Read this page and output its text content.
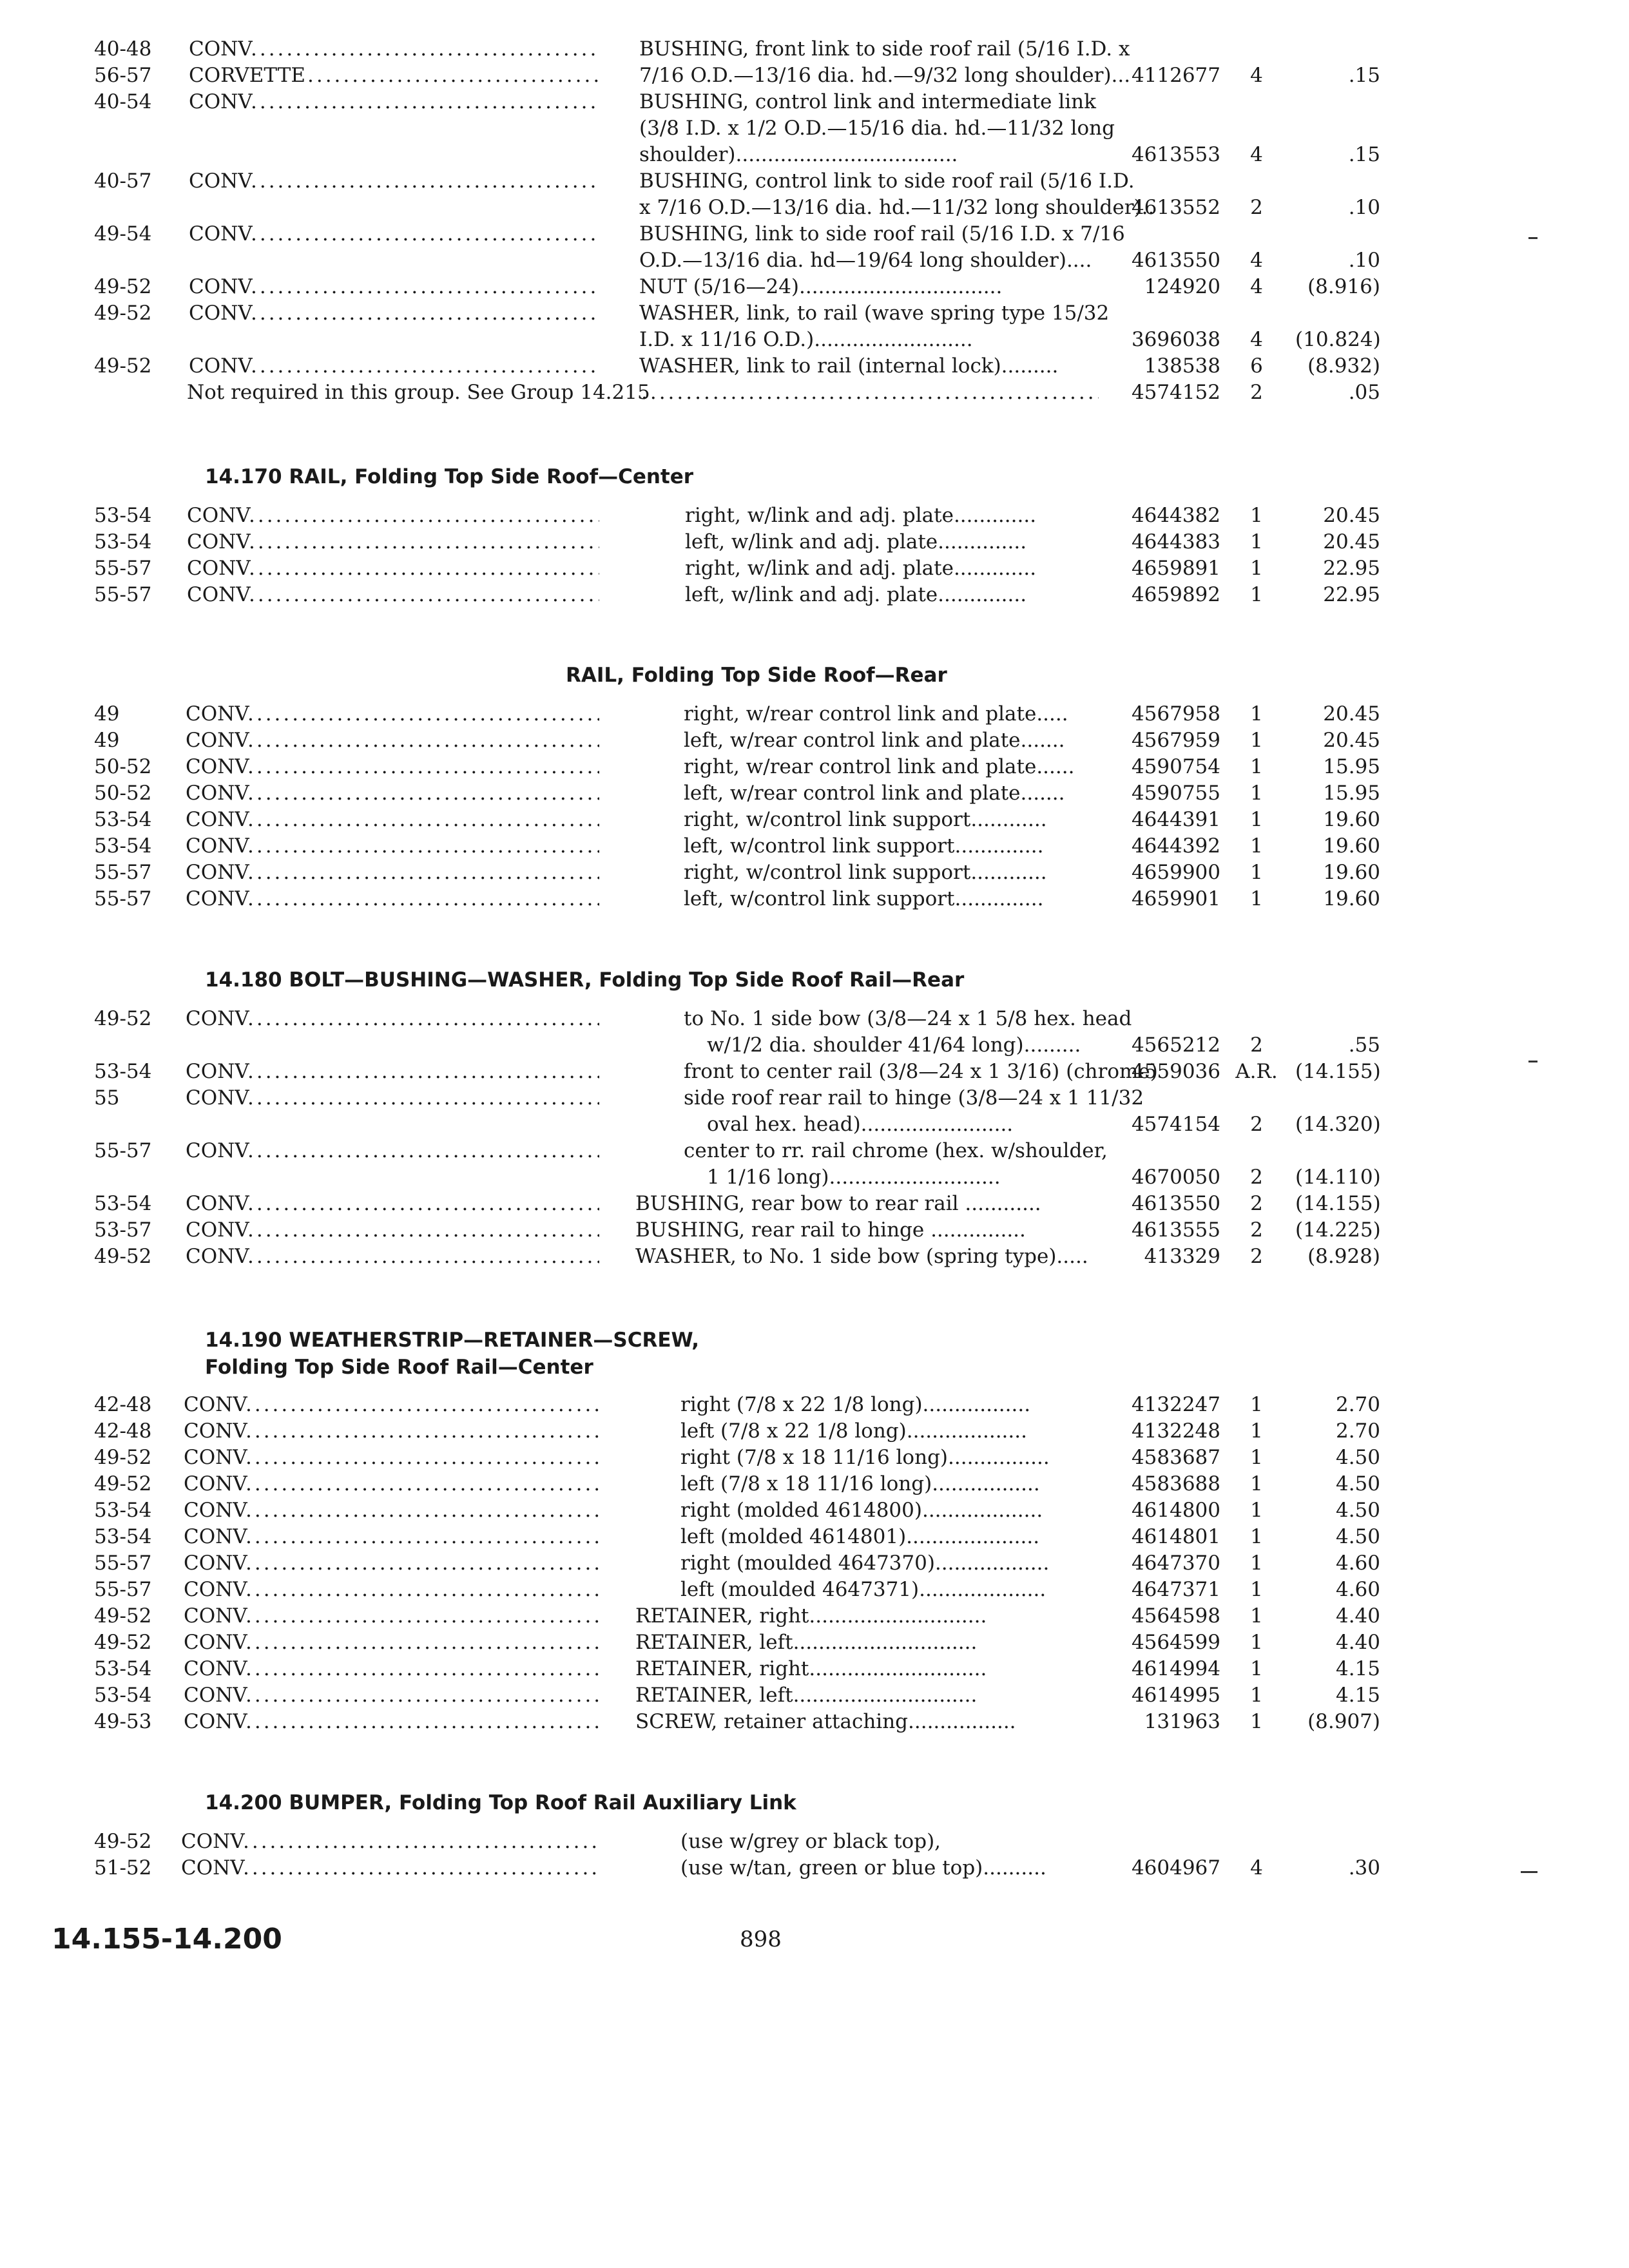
40-48 CONV .....	BUSHING, front link to side roof rail (5/16 I.D. x
56-57 CORVETTE .....	7/16 O.D.—13/16 dia. hd.—9/32 long shoulder)... 4112677	4	.15
40-54 CONV .....	BUSHING, control link and intermediate link
(3/8 I.D. x 1/2 O.D.—15/16 dia. hd.—11/32 long
shoulder)...................................	4613553	4	.15
40-57 CONV .....	BUSHING, control link to side roof rail (5/16 I.D.
x 7/16 O.D.—13/16 dia. hd.—11/32 long shoulder)..
4613552	2	.10
49-54 CONV .....	BUSHING, link to side roof rail (5/16 I.D. x 7/16
O.D.—13/16 dia. hd—19/64 long shoulder)....	4613550	4	.10
49-52 CONV .....	NUT (5/16—24)................................	124920	4	(8.916)
49-52 CONV .....	WASHER, link, to rail (wave spring type 15/32
I.D. x 11/16 O.D.).........................	3696038	4	(10.824)
49-52 CONV .....	WASHER, link to rail (internal lock).........	138538	6	(8.932)
Not required in this group. See Group 14.215 .....	4574152	2	.05
14.170 RAIL, Folding Top Side Roof—Center
53-54 CONV .....	right, w/link and adj. plate.............	4644382	1	20.45
53-54 CONV .....	left, w/link and adj. plate..............	4644383	1	20.45
55-57 CONV .....	right, w/link and adj. plate.............	4659891	1	22.95
55-57 CONV .....	left, w/link and adj. plate..............	4659892	1	22.95
RAIL, Folding Top Side Roof—Rear
49	CONV .....	right, w/rear control link and plate.....	4567958	1	20.45
49	CONV .....	left, w/rear control link and plate.......	4567959	1	20.45
50-52 CONV .....	right, w/rear control link and plate......	4590754	1	15.95
50-52 CONV .....	left, w/rear control link and plate.......	4590755	1	15.95
53-54 CONV .....	right, w/control link support............	4644391	1	19.60
53-54 CONV .....	left, w/control link support..............	4644392	1	19.60
55-57 CONV .....	right, w/control link support............	4659900	1	19.60
55-57 CONV .....	left, w/control link support..............	4659901	1	19.60
14.180 BOLT—BUSHING—WASHER, Folding Top Side Roof Rail—Rear
49-52 CONV .....	to No. 1 side bow (3/8—24 x 1 5/8 hex. head
w/1/2 dia. shoulder 41/64 long).........	4565212	2	.55
53-54 CONV .....	front to center rail (3/8—24 x 1 3/16) (chrome)
4559036 A.R. (14.155)
55	CONV .....	side roof rear rail to hinge (3/8—24 x 1 11/32
oval hex. head)........................	4574154	2	(14.320)
55-57 CONV .....	center to rr. rail chrome (hex. w/shoulder,
1 1/16 long)...........................	4670050	2	(14.110)
53-54 CONV .....	BUSHING, rear bow to rear rail ............	4613550	2	(14.155)
53-57 CONV .....	BUSHING, rear rail to hinge ...............	4613555	2	(14.225)
49-52 CONV .....	WASHER, to No. 1 side bow (spring type).....	413329	2	(8.928)
14.190 WEATHERSTRIP—RETAINER—SCREW,
Folding Top Side Roof Rail—Center
42-48 CONV .....	right (7/8 x 22 1/8 long).................	4132247	1	2.70
42-48 CONV .....	left (7/8 x 22 1/8 long)...................	4132248	1	2.70
49-52 CONV .....	right (7/8 x 18 11/16 long)................	4583687	1	4.50
49-52 CONV .....	left (7/8 x 18 11/16 long).................	4583688	1	4.50
53-54 CONV .....	right (molded 4614800)...................	4614800	1	4.50
53-54 CONV .....	left (molded 4614801).....................	4614801	1	4.50
55-57 CONV .....	right (moulded 4647370)..................	4647370	1	4.60
55-57 CONV .....	left (moulded 4647371)....................	4647371	1	4.60
49-52 CONV .....	RETAINER, right............................	4564598	1	4.40
49-52 CONV .....	RETAINER, left.............................	4564599	1	4.40
53-54 CONV .....	RETAINER, right............................	4614994	1	4.15
53-54 CONV .....	RETAINER, left.............................	4614995	1	4.15
49-53 CONV .....	SCREW, retainer attaching.................	131963	1	(8.907)
14.200 BUMPER, Folding Top Roof Rail Auxiliary Link
49-52 CONV .....	(use w/grey or black top),
51-52 CONV .....	(use w/tan, green or blue top)..........	4604967	4	.30
14.155-14.200	898
